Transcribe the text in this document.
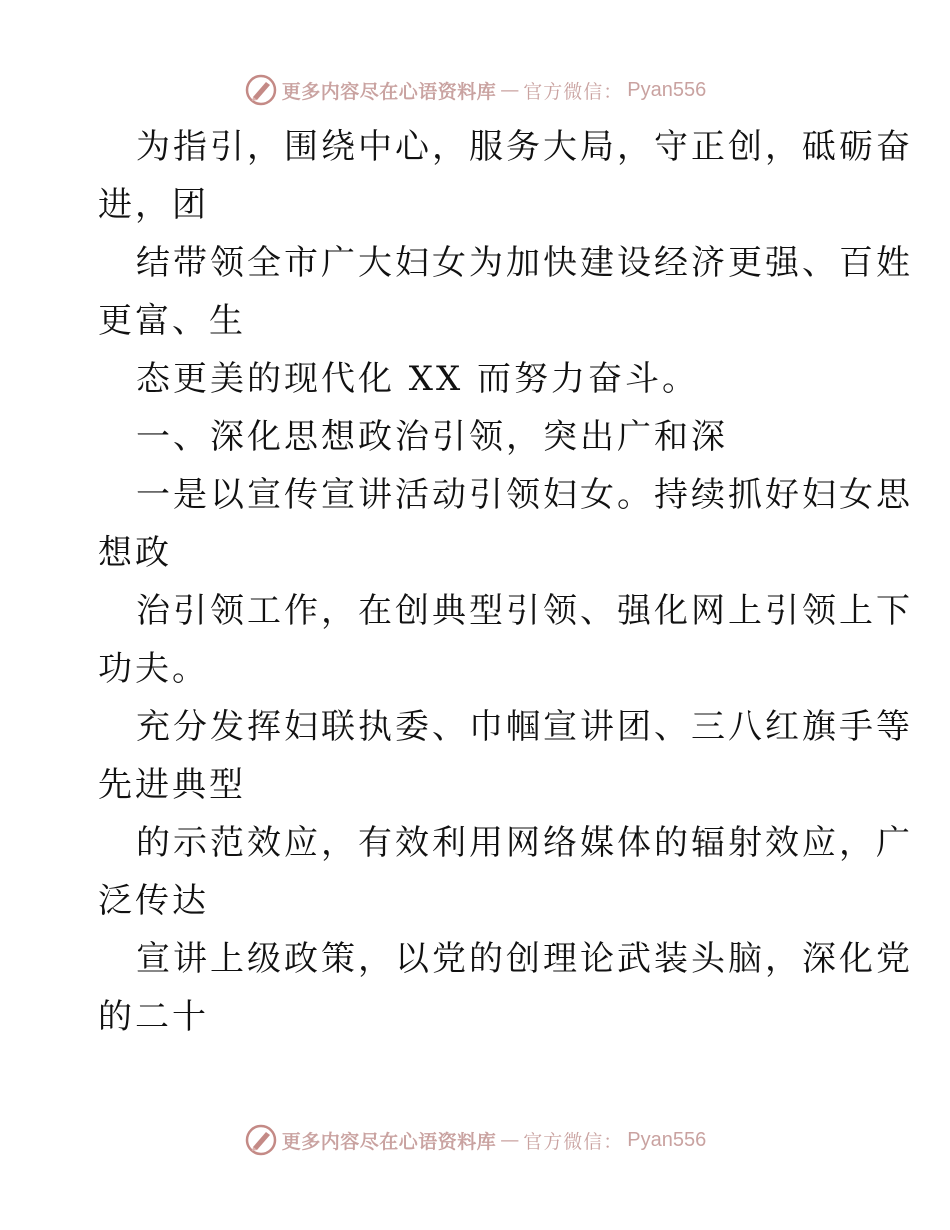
更多内容尽在心语资料库 — 官方微信： Pyan556
为指引，围绕中心，服务大局，守正创，砥砺奋
进，团
结带领全市广大妇女为加快建设经济更强、百姓
更富、生
态更美的现代化 XX 而努力奋斗。
一、深化思想政治引领，突出广和深
一是以宣传宣讲活动引领妇女。持续抓好妇女思
想政
治引领工作，在创典型引领、强化网上引领上下
功夫。
充分发挥妇联执委、巾帼宣讲团、三八红旗手等
先进典型
的示范效应，有效利用网络媒体的辐射效应，广
泛传达
宣讲上级政策，以党的创理论武装头脑，深化党
的二十
更多内容尽在心语资料库 — 官方微信： Pyan556
